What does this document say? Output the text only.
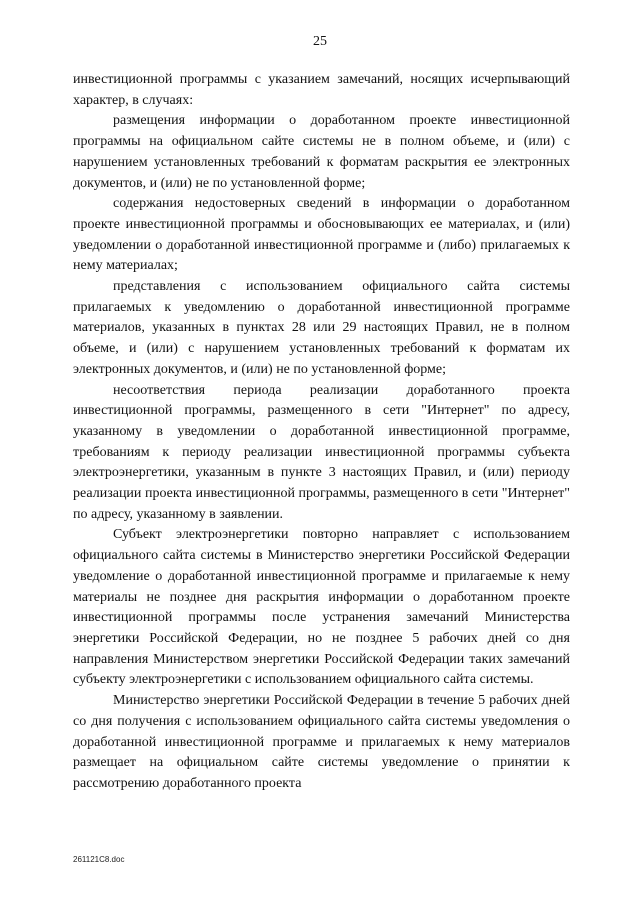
25

инвестиционной программы с указанием замечаний, носящих исчерпывающий характер, в случаях:

размещения информации о доработанном проекте инвестиционной программы на официальном сайте системы не в полном объеме, и (или) с нарушением установленных требований к форматам раскрытия ее электронных документов, и (или) не по установленной форме;

содержания недостоверных сведений в информации о доработанном проекте инвестиционной программы и обосновывающих ее материалах, и (или) уведомлении о доработанной инвестиционной программе и (либо) прилагаемых к нему материалах;

представления с использованием официального сайта системы прилагаемых к уведомлению о доработанной инвестиционной программе материалов, указанных в пунктах 28 или 29 настоящих Правил, не в полном объеме, и (или) с нарушением установленных требований к форматам их электронных документов, и (или) не по установленной форме;

несоответствия периода реализации доработанного проекта инвестиционной программы, размещенного в сети "Интернет" по адресу, указанному в уведомлении о доработанной инвестиционной программе, требованиям к периоду реализации инвестиционной программы субъекта электроэнергетики, указанным в пункте 3 настоящих Правил, и (или) периоду реализации проекта инвестиционной программы, размещенного в сети "Интернет" по адресу, указанному в заявлении.

Субъект электроэнергетики повторно направляет с использованием официального сайта системы в Министерство энергетики Российской Федерации уведомление о доработанной инвестиционной программе и прилагаемые к нему материалы не позднее дня раскрытия информации о доработанном проекте инвестиционной программы после устранения замечаний Министерства энергетики Российской Федерации, но не позднее 5 рабочих дней со дня направления Министерством энергетики Российской Федерации таких замечаний субъекту электроэнергетики с использованием официального сайта системы.

Министерство энергетики Российской Федерации в течение 5 рабочих дней со дня получения с использованием официального сайта системы уведомления о доработанной инвестиционной программе и прилагаемых к нему материалов размещает на официальном сайте системы уведомление о принятии к рассмотрению доработанного проекта

261121C8.doc
